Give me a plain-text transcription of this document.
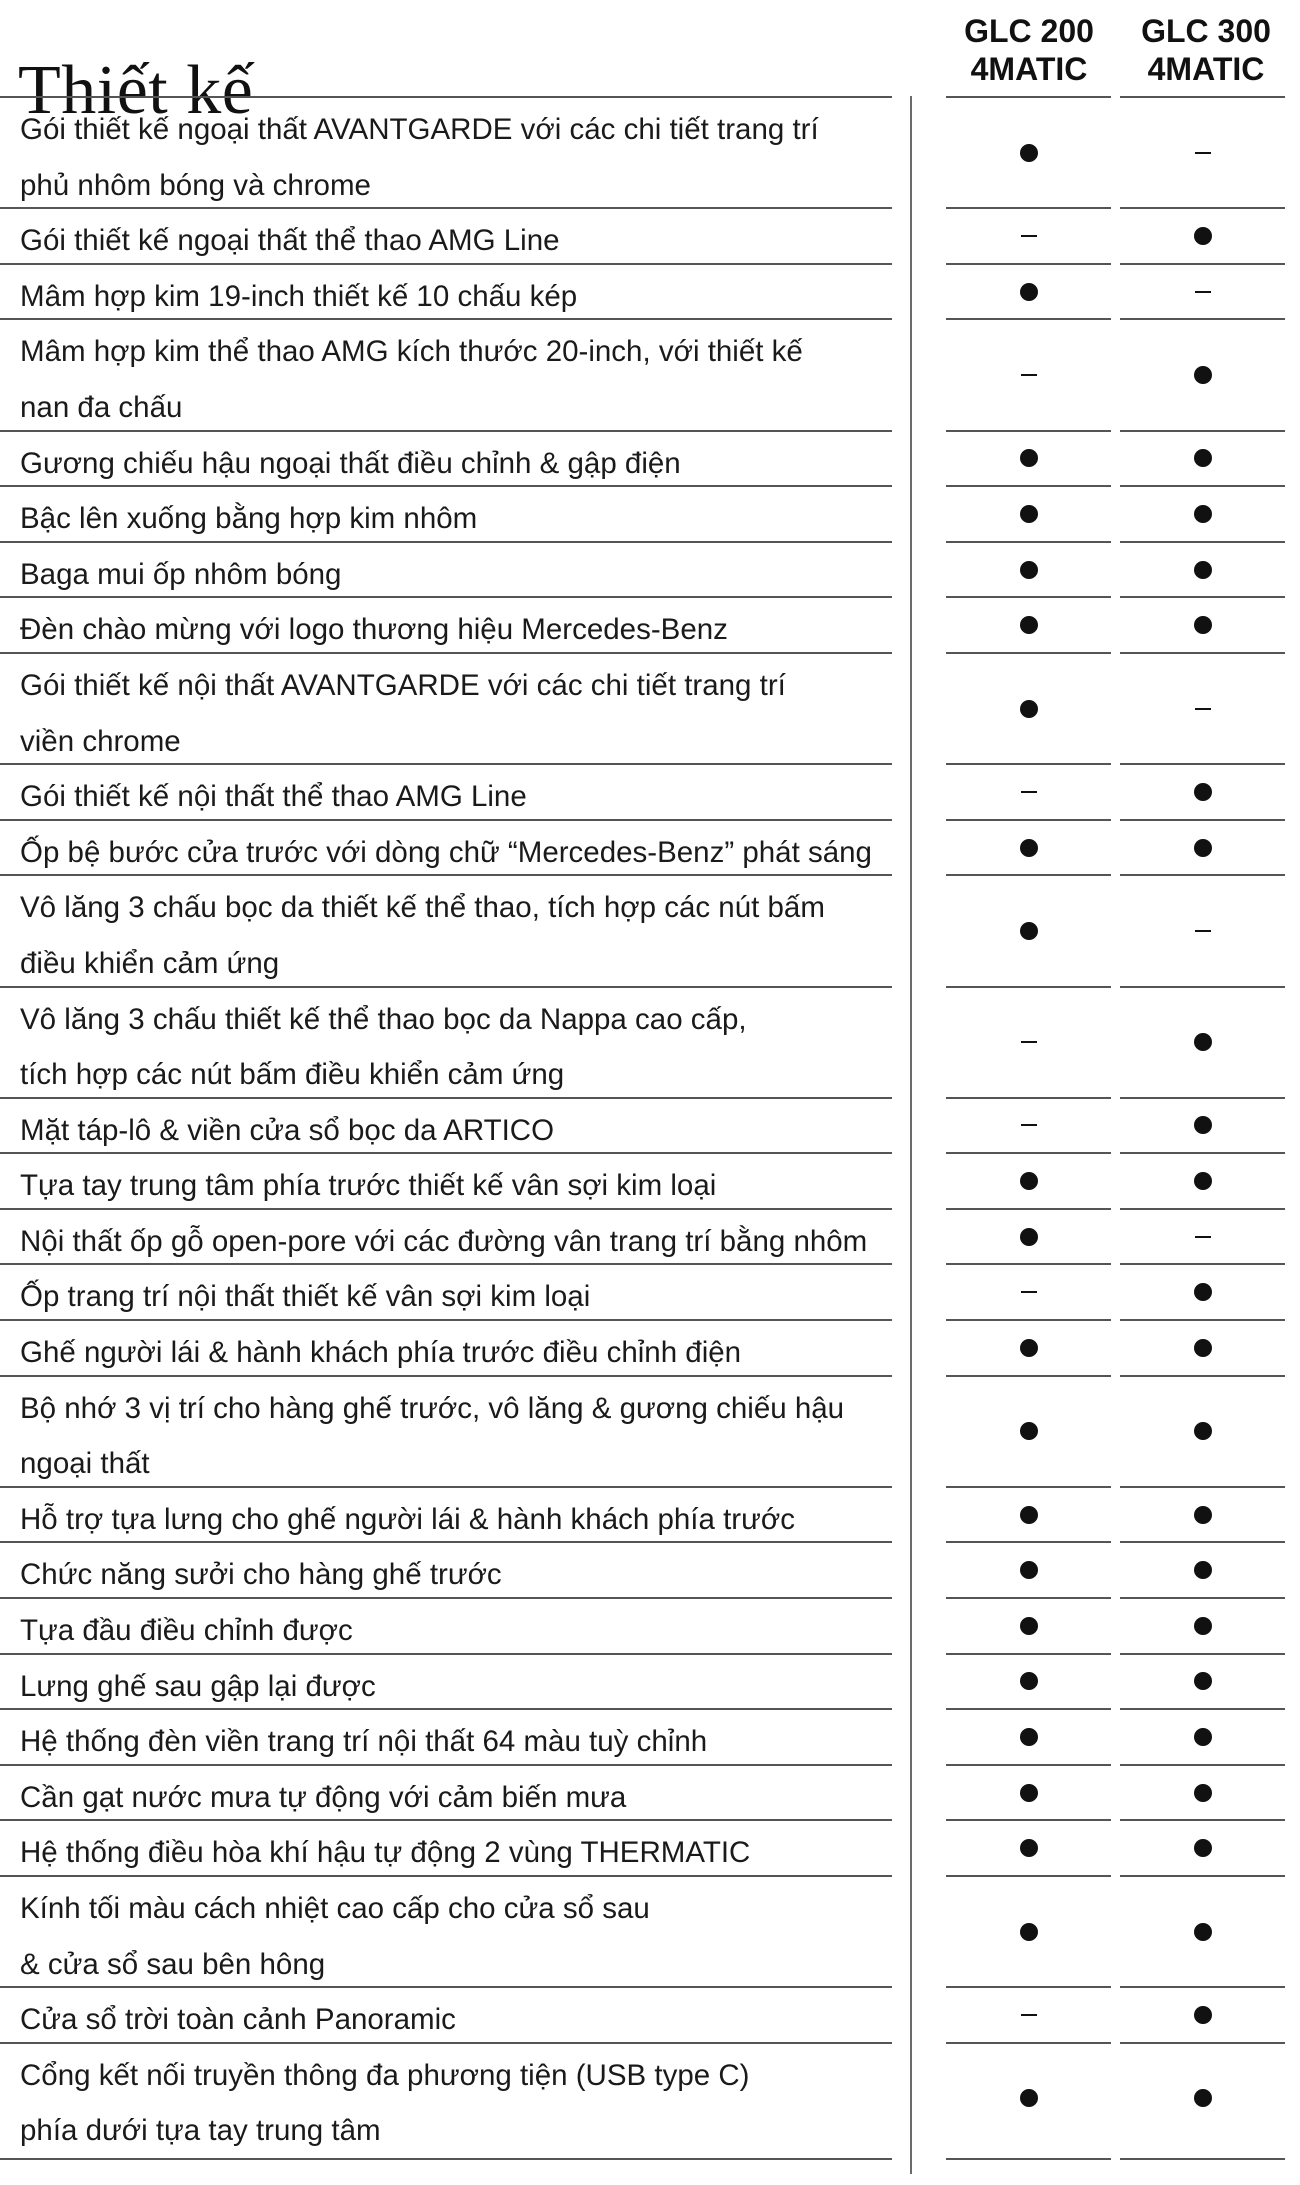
Thiết kế
GLC 200
4MATIC
GLC 300
4MATIC
Gói thiết kế ngoại thất AVANTGARDE với các chi tiết trang trí
phủ nhôm bóng và chrome
Gói thiết kế ngoại thất thể thao AMG Line
Mâm hợp kim 19-inch thiết kế 10 chấu kép
Mâm hợp kim thể thao AMG kích thước 20-inch, với thiết kế
nan đa chấu
Gương chiếu hậu ngoại thất điều chỉnh & gập điện
Bậc lên xuống bằng hợp kim nhôm
Baga mui ốp nhôm bóng
Đèn chào mừng với logo thương hiệu Mercedes-Benz
Gói thiết kế nội thất AVANTGARDE với các chi tiết trang trí
viền chrome
Gói thiết kế nội thất thể thao AMG Line
Ốp bệ bước cửa trước với dòng chữ “Mercedes-Benz” phát sáng
Vô lăng 3 chấu bọc da thiết kế thể thao, tích hợp các nút bấm
điều khiển cảm ứng
Vô lăng 3 chấu thiết kế thể thao bọc da Nappa cao cấp,
tích hợp các nút bấm điều khiển cảm ứng
Mặt táp-lô & viền cửa sổ bọc da ARTICO
Tựa tay trung tâm phía trước thiết kế vân sợi kim loại
Nội thất ốp gỗ open-pore với các đường vân trang trí bằng nhôm
Ốp trang trí nội thất thiết kế vân sợi kim loại
Ghế người lái & hành khách phía trước điều chỉnh điện
Bộ nhớ 3 vị trí cho hàng ghế trước, vô lăng & gương chiếu hậu
ngoại thất
Hỗ trợ tựa lưng cho ghế người lái & hành khách phía trước
Chức năng sưởi cho hàng ghế trước
Tựa đầu điều chỉnh được
Lưng ghế sau gập lại được
Hệ thống đèn viền trang trí nội thất 64 màu tuỳ chỉnh
Cần gạt nước mưa tự động với cảm biến mưa
Hệ thống điều hòa khí hậu tự động 2 vùng THERMATIC
Kính tối màu cách nhiệt cao cấp cho cửa sổ sau
& cửa sổ sau bên hông
Cửa sổ trời toàn cảnh Panoramic
Cổng kết nối truyền thông đa phương tiện (USB type C)
phía dưới tựa tay trung tâm
